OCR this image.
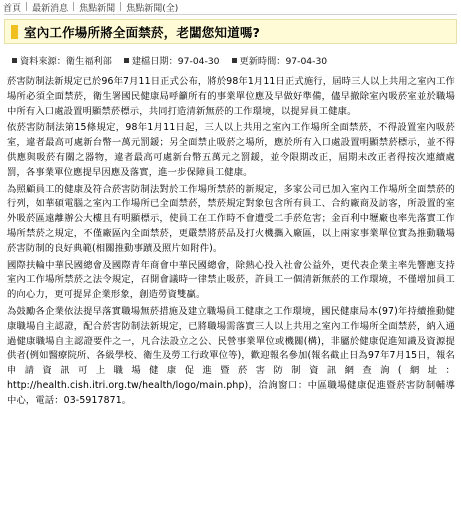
首頁 | 最新消息 | 焦點新聞 | 焦點新聞(全)
室內工作場所將全面禁菸，老闆您知道嗎?
資料來源：衛生福利部 建檔日期：97-04-30 更新時間：97-04-30

菸害防制法新規定已於96年7月11日正式公布，將於98年1月11日正式施行，屆時三人以上共用之室內工作場所必須全面禁菸，衛生署國民健康局呼籲所有的事業單位應及早做好準備，儘早撤除室內吸菸室並於職場中所有入口處設置明顯禁菸標示，共同打造清新無菸的工作環境，以提昇員工健康。

依菸害防制法第15條規定，98年1月11日起，三人以上共用之室內工作場所全面禁菸，不得設置室內吸菸室，違者最高可處新台幣一萬元罰鍰；另全面禁止吸菸之場所，應於所有入口處設置明顯禁菸標示，並不得供應與吸菸有關之器物，違者最高可處新台幣五萬元之罰鍰，並令限期改正，屆期未改正者得按次連續處罰，各事業單位應提早因應及落實，進一步保障員工健康。

為照顧員工的健康及符合菸害防制法對於工作場所禁菸的新規定，多家公司已加入室內工作場所全面禁菸的行列，如華碩電腦之室內工作場所已全面禁菸，禁菸規定對象包含所有員工、合約廠商及訪客，所設置的室外吸菸區遠離辦公大樓且有明顯標示，使員工在工作時不會遭受二手菸危害；金百利中壢廠也率先落實工作場所禁菸之規定，不僅廠區內全面禁菸，更嚴禁將菸品及打火機攜入廠區，以上兩家事業單位實為推動職場菸害防制的良好典範(相關推動事蹟及照片如附件)。

國際扶輪中華民國總會及國際青年商會中華民國總會，除熱心投入社會公益外，更代表企業主率先響應支持室內工作場所禁菸之法令規定，召開會議時一律禁止吸菸，許員工一個清新無菸的工作環境，不僅增加員工的向心力，更可提昇企業形象，創造勞資雙贏。

為鼓勵各企業依法提早落實職場無菸措施及建立職場員工健康之工作環境，國民健康局本(97)年持續推動健康職場自主認證，配合菸害防制法新規定，已將職場需落實三人以上共用之室內工作場所全面禁菸，納入通過健康職場自主認證要件之一，凡合法設立之公、民營事業單位或機關(構)，非屬於健康促進知識及資源提供者(例如醫療院所、各級學校、衛生及勞工行政單位等)，歡迎報名參加(報名截止日為97年7月15日，報名申請資訊可上職場健康促進暨菸害防制資訊網查詢(網址：http://health.cish.itri.org.tw/health/logo/main.php)，洽詢窗口：中區職場健康促進暨菸害防制輔導中心，電話：03-5917871。
